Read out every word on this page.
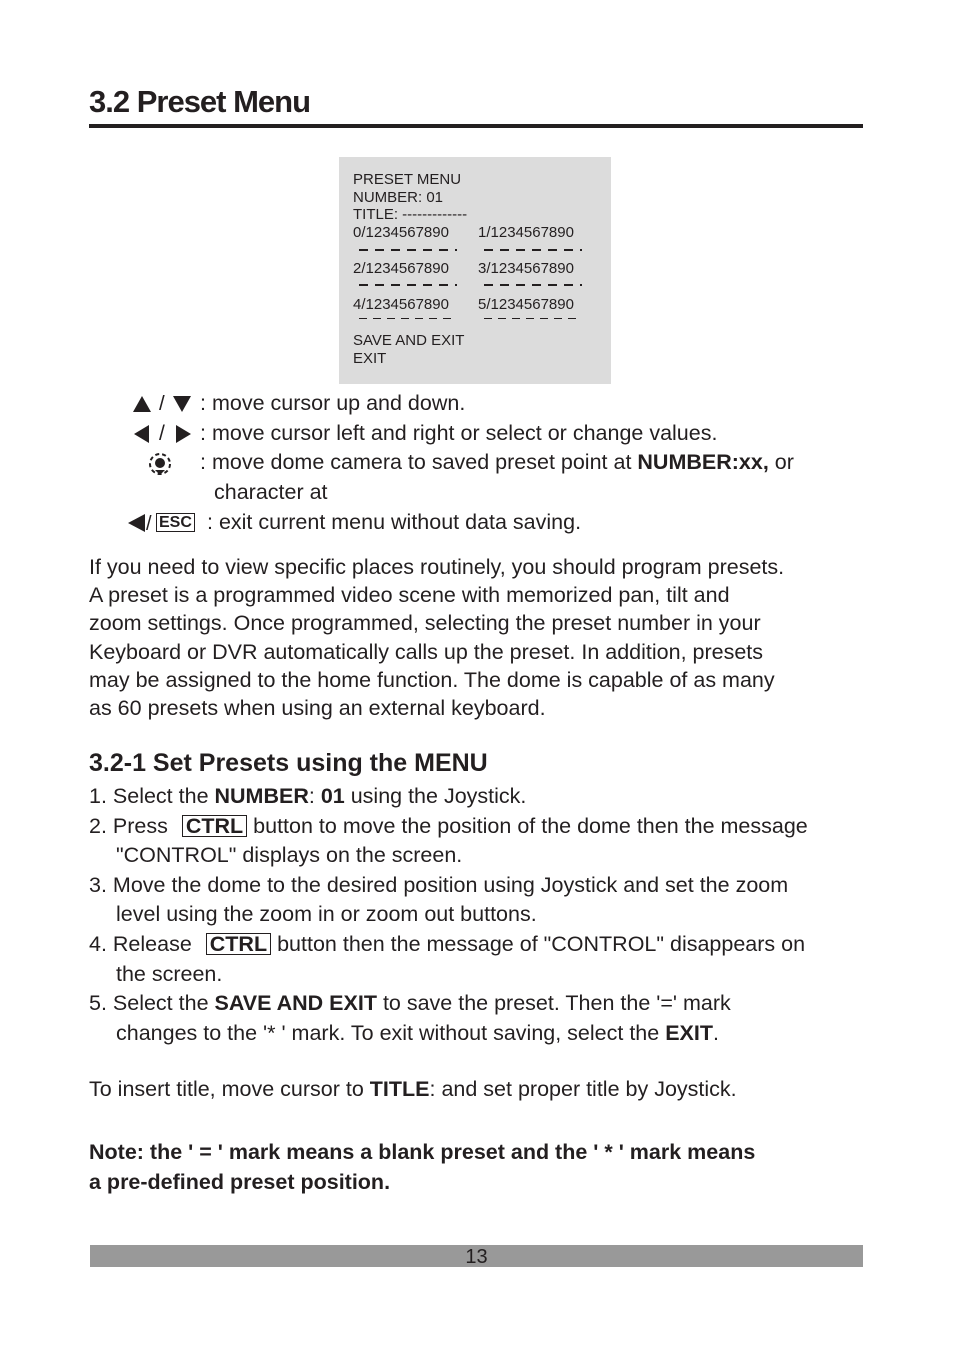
3.2 Preset Menu
PRESET MENU
NUMBER: 01
TITLE: -------------
0/1234567890 1/1234567890
2/1234567890 3/1234567890
4/1234567890 5/1234567890
SAVE AND EXIT
EXIT
/ : move cursor up and down.
/ : move cursor left and right or select or change values.
: move dome camera to saved preset point at NUMBER:xx, or
character at
/ ESC : exit current menu without data saving.
If you need to view specific places routinely, you should program presets.
A preset is a programmed video scene with memorized pan, tilt and
zoom settings. Once programmed, selecting the preset number in your
Keyboard or DVR automatically calls up the preset. In addition, presets
may be assigned to the home function. The dome is capable of as many
as 60 presets when using an external keyboard.
3.2-1 Set Presets using the MENU
1. Select the NUMBER: 01 using the Joystick.
2. Press CTRL button to move the position of the dome then the message
"CONTROL" displays on the screen.
3. Move the dome to the desired position using Joystick and set the zoom
level using the zoom in or zoom out buttons.
4. Release CTRL button then the message of "CONTROL" disappears on
the screen.
5. Select the SAVE AND EXIT to save the preset. Then the '=' mark
changes to the '* ' mark. To exit without saving, select the EXIT.
To insert title, move cursor to TITLE: and set proper title by Joystick.
Note: the ' = ' mark means a blank preset and the ' * ' mark means
a pre-defined preset position.
13
